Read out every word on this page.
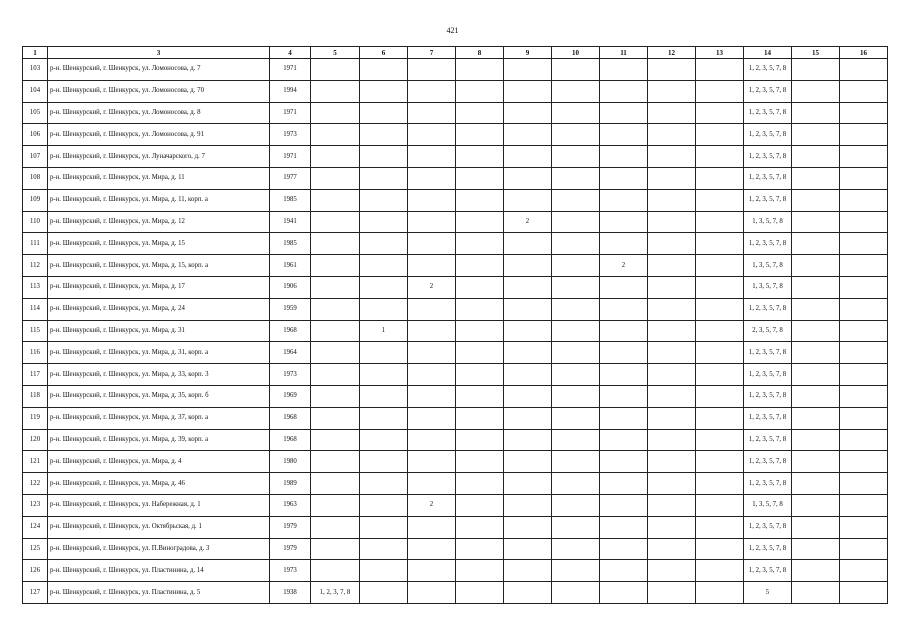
421
1	3	4	5	6	7	8	9	10	11	12	13	14	15	16
103	р-н. Шенкурский, г. Шенкурск, ул. Ломоносова, д. 7	1971										1, 2, 3, 5, 7, 8		
104	р-н. Шенкурский, г. Шенкурск, ул. Ломоносова, д. 70	1994										1, 2, 3, 5, 7, 8		
105	р-н. Шенкурский, г. Шенкурск, ул. Ломоносова, д. 8	1971										1, 2, 3, 5, 7, 8		
106	р-н. Шенкурский, г. Шенкурск, ул. Ломоносова, д. 91	1973										1, 2, 3, 5, 7, 8		
107	р-н. Шенкурский, г. Шенкурск, ул. Луначарского, д. 7	1971										1, 2, 3, 5, 7, 8		
108	р-н. Шенкурский, г. Шенкурск, ул. Мира, д. 11	1977										1, 2, 3, 5, 7, 8		
109	р-н. Шенкурский, г. Шенкурск, ул. Мира, д. 11, корп. а	1985										1, 2, 3, 5, 7, 8		
110	р-н. Шенкурский, г. Шенкурск, ул. Мира, д. 12	1941					2					1, 3, 5, 7, 8		
111	р-н. Шенкурский, г. Шенкурск, ул. Мира, д. 15	1985										1, 2, 3, 5, 7, 8		
112	р-н. Шенкурский, г. Шенкурск, ул. Мира, д. 15, корп. а	1961							2			1, 3, 5, 7, 8		
113	р-н. Шенкурский, г. Шенкурск, ул. Мира, д. 17	1906			2							1, 3, 5, 7, 8		
114	р-н. Шенкурский, г. Шенкурск, ул. Мира, д. 24	1959										1, 2, 3, 5, 7, 8		
115	р-н. Шенкурский, г. Шенкурск, ул. Мира, д. 31	1968		1								2, 3, 5, 7, 8		
116	р-н. Шенкурский, г. Шенкурск, ул. Мира, д. 31, корп. а	1964										1, 2, 3, 5, 7, 8		
117	р-н. Шенкурский, г. Шенкурск, ул. Мира, д. 33, корп. 3	1973										1, 2, 3, 5, 7, 8		
118	р-н. Шенкурский, г. Шенкурск, ул. Мира, д. 35, корп. б	1969										1, 2, 3, 5, 7, 8		
119	р-н. Шенкурский, г. Шенкурск, ул. Мира, д. 37, корп. а	1968										1, 2, 3, 5, 7, 8		
120	р-н. Шенкурский, г. Шенкурск, ул. Мира, д. 39, корп. а	1968										1, 2, 3, 5, 7, 8		
121	р-н. Шенкурский, г. Шенкурск, ул. Мира, д. 4	1980										1, 2, 3, 5, 7, 8		
122	р-н. Шенкурский, г. Шенкурск, ул. Мира, д. 46	1989										1, 2, 3, 5, 7, 8		
123	р-н. Шенкурский, г. Шенкурск, ул. Набережная, д. 1	1963			2							1, 3, 5, 7, 8		
124	р-н. Шенкурский, г. Шенкурск, ул. Октябрьская, д. 1	1979										1, 2, 3, 5, 7, 8		
125	р-н. Шенкурский, г. Шенкурск, ул. П.Виноградова, д. 3	1979										1, 2, 3, 5, 7, 8		
126	р-н. Шенкурский, г. Шенкурск, ул. Пластинина, д. 14	1973										1, 2, 3, 5, 7, 8		
127	р-н. Шенкурский, г. Шенкурск, ул. Пластинина, д. 5	1938	1, 2, 3, 7, 8									5		
